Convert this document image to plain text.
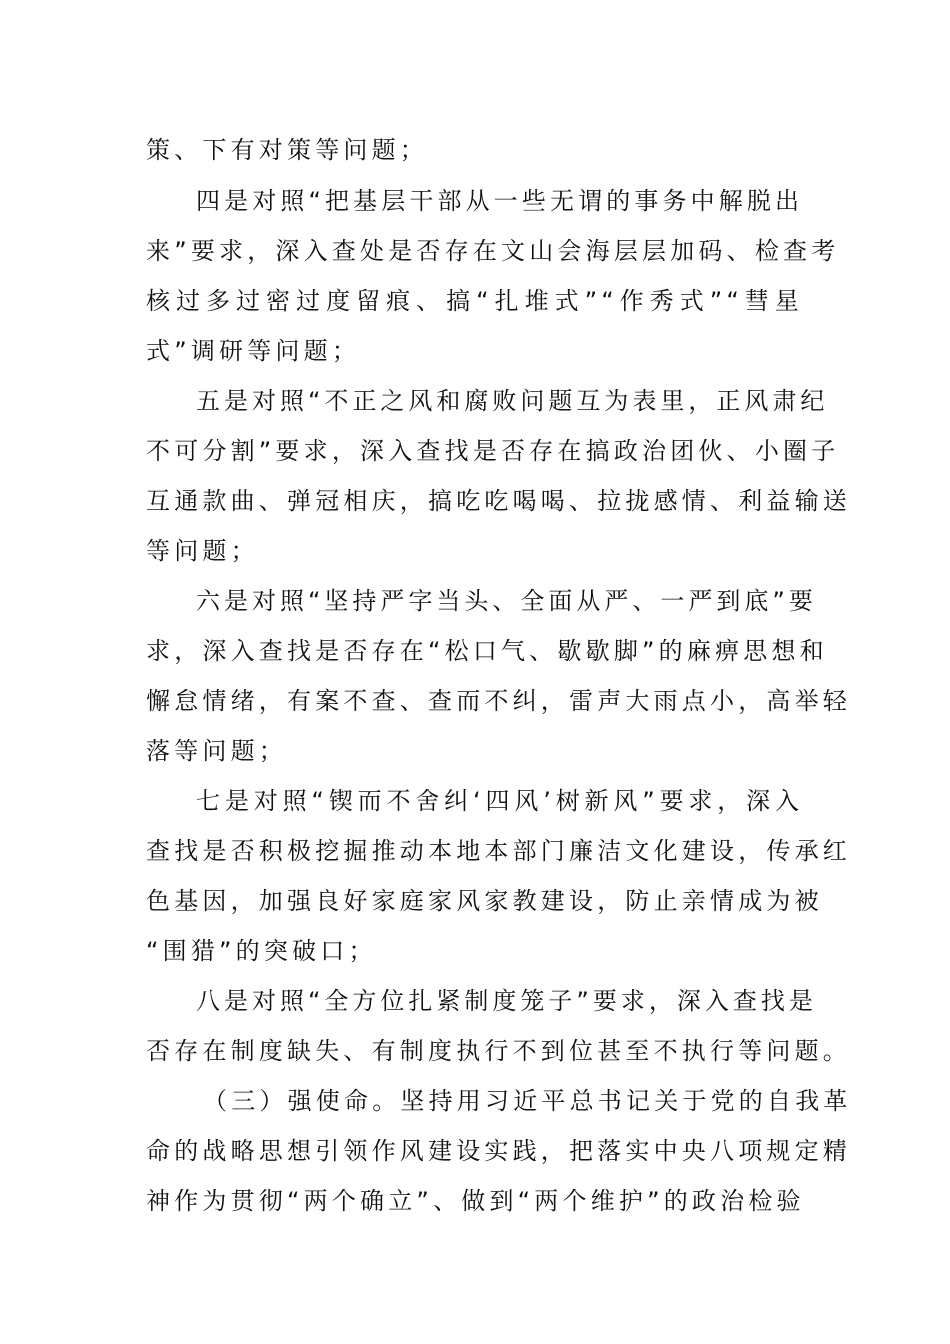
策、下有对策等问题；
四是对照“把基层干部从一些无谓的事务中解脱出
来”要求，深入查处是否存在文山会海层层加码、检查考
核过多过密过度留痕、搞“扎堆式”“作秀式”“彗星
式”调研等问题；
五是对照“不正之风和腐败问题互为表里，正风肃纪
不可分割”要求，深入查找是否存在搞政治团伙、小圈子
互通款曲、弹冠相庆，搞吃吃喝喝、拉拢感情、利益输送
等问题；
六是对照“坚持严字当头、全面从严、一严到底”要
求，深入查找是否存在“松口气、歇歇脚”的麻痹思想和
懈怠情绪，有案不查、查而不纠，雷声大雨点小，高举轻
落等问题；
七是对照“锲而不舍纠‘四风’树新风”要求，深入
查找是否积极挖掘推动本地本部门廉洁文化建设，传承红
色基因，加强良好家庭家风家教建设，防止亲情成为被
“围猎”的突破口；
八是对照“全方位扎紧制度笼子”要求，深入查找是
否存在制度缺失、有制度执行不到位甚至不执行等问题。
（三）强使命。坚持用习近平总书记关于党的自我革
命的战略思想引领作风建设实践，把落实中央八项规定精
神作为贯彻“两个确立”、做到“两个维护”的政治检验
